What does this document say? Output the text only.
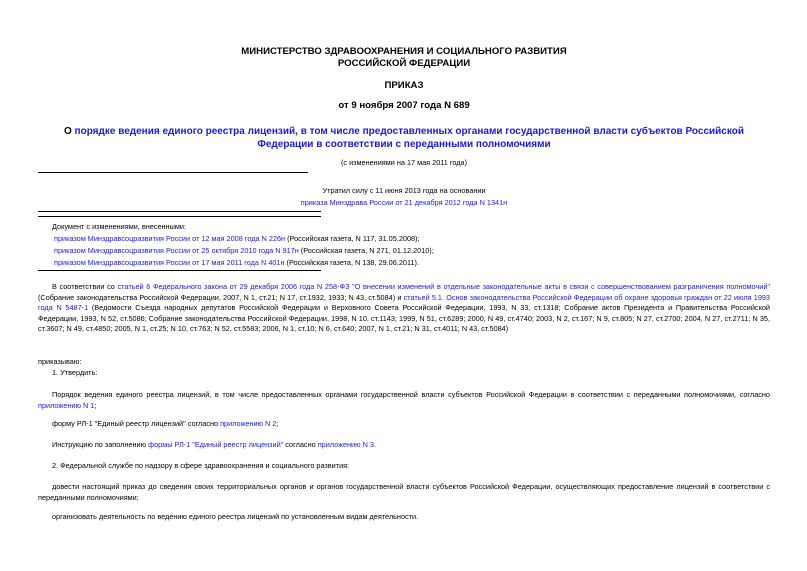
МИНИСТЕРСТВО ЗДРАВООХРАНЕНИЯ И СОЦИАЛЬНОГО РАЗВИТИЯ
РОССИЙСКОЙ ФЕДЕРАЦИИ
ПРИКАЗ
от 9 ноября 2007 года N 689
О порядке ведения единого реестра лицензий, в том числе предоставленных органами государственной власти субъектов Российской Федерации в соответствии с переданными полномочиями
(с изменениями на 17 мая 2011 года)
Утратил силу с 11 июня 2013 года на основании
приказа Минздрава России от 21 декабря 2012 года N 1341н
Документ с изменениями, внесенными:
приказом Минздравсоцразвития России от 12 мая 2008 года N 226н (Российская газета, N 117, 31.05.2008);
приказом Минздравсоцразвития России от 25 октября 2010 года N 917н (Российская газета, N 271, 01.12.2010);
приказом Минздравсоцразвития России от 17 мая 2011 года N 401н (Российская газета, N 138, 29.06.2011).
В соответствии со статьей 6 Федерального закона от 29 декабря 2006 года N 258-ФЗ "О внесении изменений в отдельные законодательные акты в связи с совершенствованием разграничения полномочий" (Собрание законодательства Российской Федерации, 2007, N 1, ст.21; N 17, ст.1932, 1933; N 43, ст.5084) и статьей 5.1. Основ законодательства Российской Федерации об охране здоровья граждан от 22 июля 1993 года N 5487-1 (Ведомости Съезда народных депутатов Российской Федерации и Верховного Совета Российской Федерации, 1993, N 33, ст.1318; Собрание актов Президента и Правительства Российской Федерации, 1993, N 52, ст.5086; Собрание законодательства Российской Федерации, 1998, N 10, ст.1143; 1999, N 51, ст.6289; 2000, N 49, ст.4740; 2003, N 2, ст.167; N 9, ст.805; N 27, ст.2700; 2004, N 27, ст.2711; N 35, ст.3607; N 49, ст.4850; 2005, N 1, ст.25; N 10, ст.763; N 52, ст.5583; 2006, N 1, ст.10; N 6, ст.640; 2007, N 1, ст.21; N 31, ст.4011; N 43, ст.5084)
приказываю:
1. Утвердить:
Порядок ведения единого реестра лицензий, в том числе предоставленных органами государственной власти субъектов Российской Федерации в соответствии с переданными полномочиями, согласно приложению N 1;
форму РЛ-1 "Единый реестр лицензий" согласно приложению N 2;
Инструкцию по заполнению формы РЛ-1 "Единый реестр лицензий" согласно приложению N 3.
2. Федеральной службе по надзору в сфере здравоохранения и социального развития:
довести настоящий приказ до сведения своих территориальных органов и органов государственной власти субъектов Российской Федерации, осуществляющих предоставление лицензий в соответствии с переданными полномочиями;
организовать деятельность по ведению единого реестра лицензий по установленным видам деятельности.
